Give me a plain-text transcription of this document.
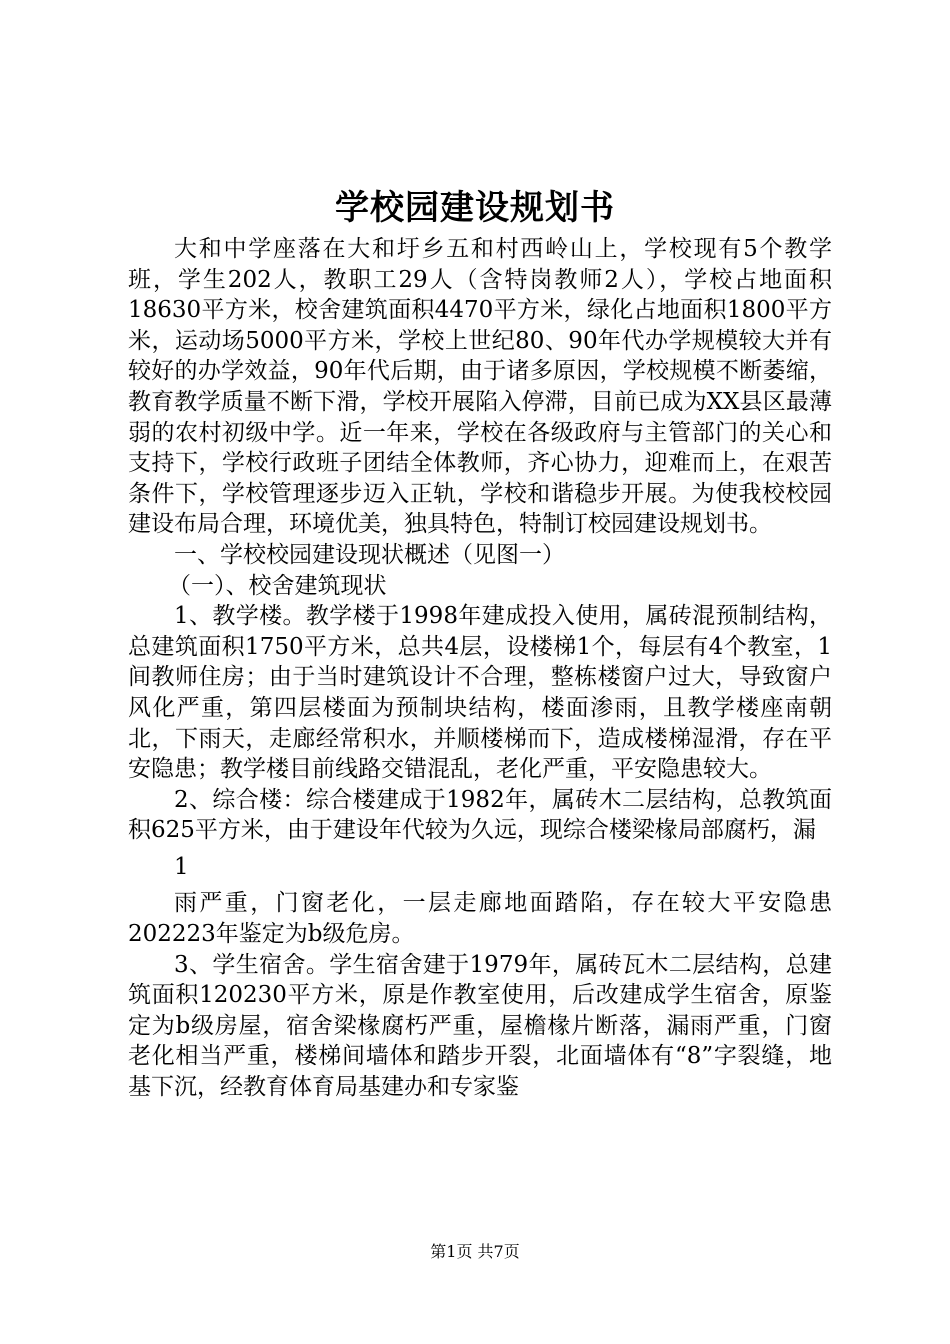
学校园建设规划书

大和中学座落在大和圩乡五和村西岭山上，学校现有5个教学班，学生202人，教职工29人（含特岗教师2人），学校占地面积18630平方米，校舍建筑面积4470平方米，绿化占地面积1800平方米，运动场5000平方米，学校上世纪80、90年代办学规模较大并有较好的办学效益，90年代后期，由于诸多原因，学校规模不断萎缩，教育教学质量不断下滑，学校开展陷入停滞，目前已成为XX县区最薄弱的农村初级中学。近一年来，学校在各级政府与主管部门的关心和支持下，学校行政班子团结全体教师，齐心协力，迎难而上，在艰苦条件下，学校管理逐步迈入正轨，学校和谐稳步开展。为使我校校园建设布局合理，环境优美，独具特色，特制订校园建设规划书。

一、学校校园建设现状概述（见图一）

（一）、校舍建筑现状

1、教学楼。教学楼于1998年建成投入使用，属砖混预制结构，总建筑面积1750平方米，总共4层，设楼梯1个，每层有4个教室，1间教师住房；由于当时建筑设计不合理，整栋楼窗户过大，导致窗户风化严重，第四层楼面为预制块结构，楼面渗雨，且教学楼座南朝北，下雨天，走廊经常积水，并顺楼梯而下，造成楼梯湿滑，存在平安隐患；教学楼目前线路交错混乱，老化严重，平安隐患较大。

2、综合楼：综合楼建成于1982年，属砖木二层结构，总教筑面积625平方米，由于建设年代较为久远，现综合楼梁椽局部腐朽，漏

1

雨严重，门窗老化，一层走廊地面踏陷，存在较大平安隐患202223年鉴定为b级危房。

3、学生宿舍。学生宿舍建于1979年，属砖瓦木二层结构，总建筑面积120230平方米，原是作教室使用，后改建成学生宿舍，原鉴定为b级房屋，宿舍梁椽腐朽严重，屋檐椽片断落，漏雨严重，门窗老化相当严重，楼梯间墙体和踏步开裂，北面墙体有“8”字裂缝，地基下沉，经教育体育局基建办和专家鉴

第1页 共7页
